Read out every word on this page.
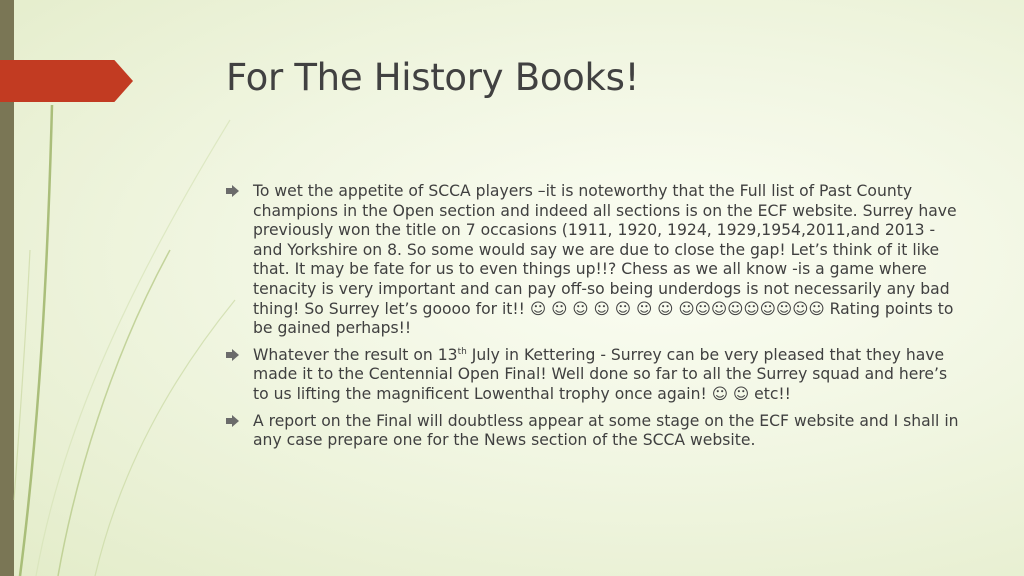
For The History Books!
To wet the appetite of SCCA players –it is noteworthy that the Full list of Past County champions in the Open section and indeed all sections is on the ECF website. Surrey have previously won the title on 7 occasions (1911, 1920, 1924, 1929,1954,2011,and 2013 - and Yorkshire on 8. So some would say we are due to close the gap! Let’s think of it like that. It may be fate for us to even things up!!? Chess as we all know -is a game where tenacity is very important and can pay off-so being underdogs is not necessarily any bad thing! So Surrey let’s goooo for it!! ☺ ☺ ☺ ☺ ☺ ☺ ☺ ☺☺☺☺☺☺☺☺☺ Rating points to be gained perhaps!!
Whatever the result on 13th July in Kettering - Surrey can be very pleased that they have made it to the Centennial Open Final! Well done so far to all the Surrey squad and here’s to us lifting the magnificent Lowenthal trophy once again! ☺ ☺ etc!!
A report on the Final will doubtless appear at some stage on the ECF website and I shall in any case prepare one for the News section of the SCCA website.
